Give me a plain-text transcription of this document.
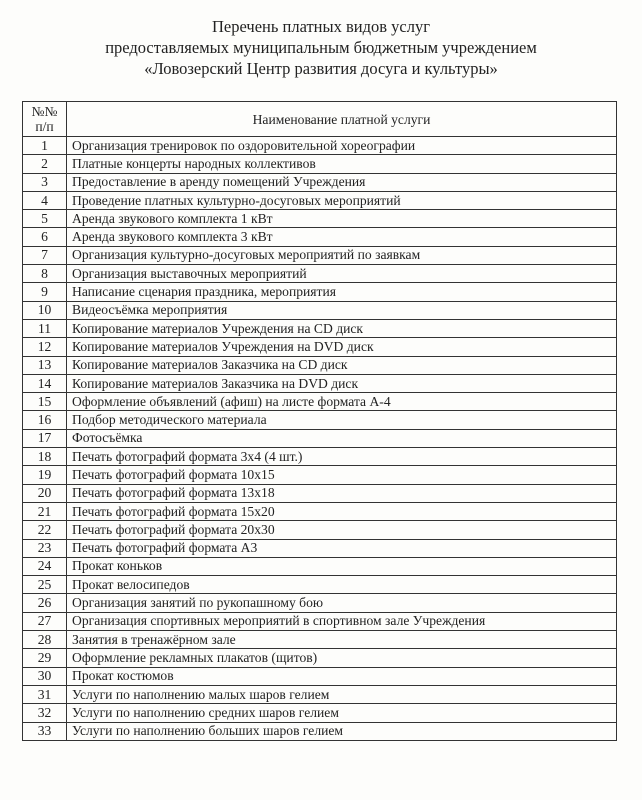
Перечень платных видов услуг
предоставляемых муниципальным бюджетным учреждением
«Ловозерский Центр развития досуга и культуры»
№№
п/п	Наименование платной услуги
1	Организация тренировок по оздоровительной хореографии
2	Платные концерты народных коллективов
3	Предоставление в аренду помещений Учреждения
4	Проведение платных культурно-досуговых мероприятий
5	Аренда звукового комплекта 1 кВт
6	Аренда звукового комплекта 3 кВт
7	Организация культурно-досуговых мероприятий по заявкам
8	Организация выставочных мероприятий
9	Написание сценария праздника, мероприятия
10	Видеосъёмка мероприятия
11	Копирование материалов Учреждения на CD диск
12	Копирование материалов Учреждения на DVD диск
13	Копирование материалов Заказчика на CD диск
14	Копирование материалов Заказчика на DVD диск
15	Оформление объявлений (афиш) на листе формата А-4
16	Подбор методического материала
17	Фотосъёмка
18	Печать фотографий формата 3х4 (4 шт.)
19	Печать фотографий формата 10х15
20	Печать фотографий формата 13х18
21	Печать фотографий формата 15х20
22	Печать фотографий формата 20х30
23	Печать фотографий формата А3
24	Прокат коньков
25	Прокат велосипедов
26	Организация занятий по рукопашному бою
27	Организация спортивных мероприятий в спортивном зале Учреждения
28	Занятия в тренажёрном зале
29	Оформление рекламных плакатов (щитов)
30	Прокат костюмов
31	Услуги по наполнению малых шаров гелием
32	Услуги по наполнению средних шаров гелием
33	Услуги по наполнению больших шаров гелием
